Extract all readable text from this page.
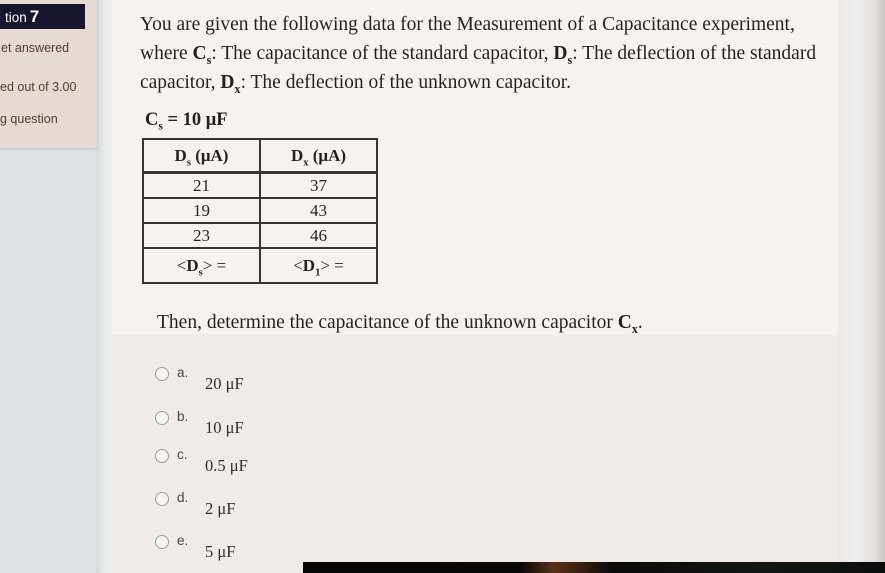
tion 7
et answered
ed out of 3.00
g question
You are given the following data for the Measurement of a Capacitance experiment, where $C_s$: The capacitance of the standard capacitor, $D_s$: The deflection of the standard capacitor, $D_x$: The deflection of the unknown capacitor.
$C_s = 10$ μF
$D_s$ (μA)	$D_x$ (μA)
21	37
19	43
23	46
$<D_s>$ =	$<D_1>$ =
Then, determine the capacitance of the unknown capacitor $C_x$.
a.
20 μF
b.
10 μF
c.
0.5 μF
d.
2 μF
e.
5 μF
